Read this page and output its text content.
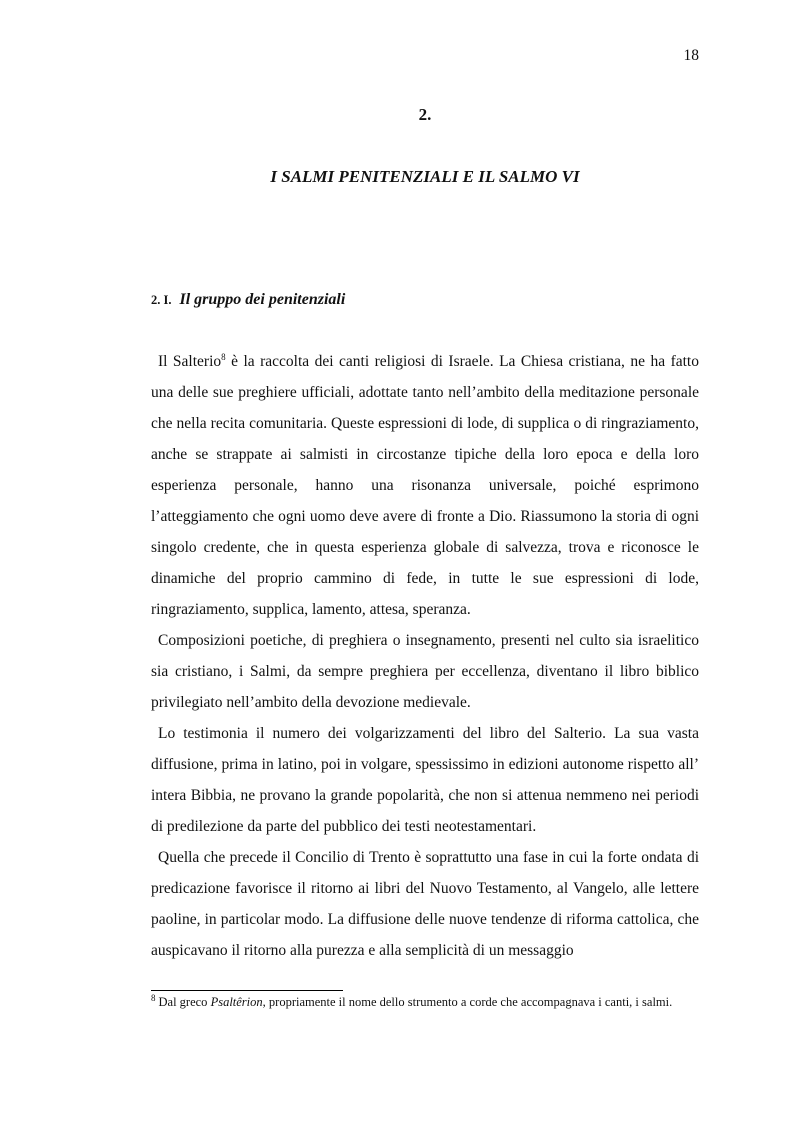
18
2.
I SALMI PENITENZIALI E IL SALMO VI
2. I. Il gruppo dei penitenziali

Il Salterio$^8$ è la raccolta dei canti religiosi di Israele. La Chiesa cristiana, ne ha fatto una delle sue preghiere ufficiali, adottate tanto nell’ambito della meditazione personale che nella recita comunitaria. Queste espressioni di lode, di supplica o di ringraziamento, anche se strappate ai salmisti in circostanze tipiche della loro epoca e della loro esperienza personale, hanno una risonanza universale, poiché esprimono l’atteggiamento che ogni uomo deve avere di fronte a Dio. Riassumono la storia di ogni singolo credente, che in questa esperienza globale di salvezza, trova e riconosce le dinamiche del proprio cammino di fede, in tutte le sue espressioni di lode, ringraziamento, supplica, lamento, attesa, speranza.

Composizioni poetiche, di preghiera o insegnamento, presenti nel culto sia israelitico sia cristiano, i Salmi, da sempre preghiera per eccellenza, diventano il libro biblico privilegiato nell’ambito della devozione medievale.

Lo testimonia il numero dei volgarizzamenti del libro del Salterio. La sua vasta diffusione, prima in latino, poi in volgare, spessissimo in edizioni autonome rispetto all’ intera Bibbia, ne provano la grande popolarità, che non si attenua nemmeno nei periodi di predilezione da parte del pubblico dei testi neotestamentari.

Quella che precede il Concilio di Trento è soprattutto una fase in cui la forte ondata di predicazione favorisce il ritorno ai libri del Nuovo Testamento, al Vangelo, alle lettere paoline, in particolar modo. La diffusione delle nuove tendenze di riforma cattolica, che auspicavano il ritorno alla purezza e alla semplicità di un messaggio

$^8$ Dal greco Psaltêrion, propriamente il nome dello strumento a corde che accompagnava i canti, i salmi.
